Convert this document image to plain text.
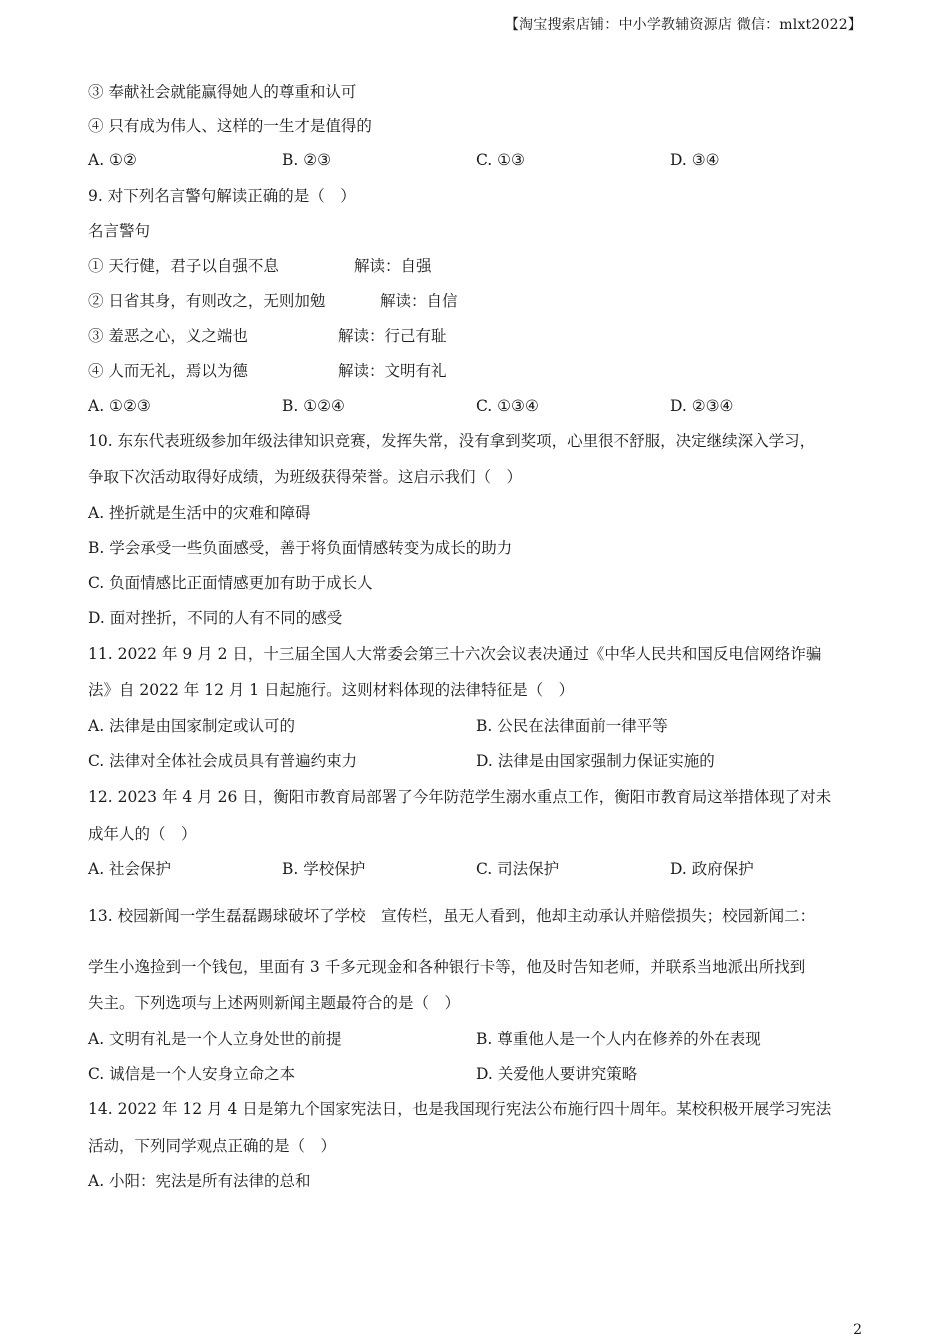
【淘宝搜索店铺：中小学教辅资源店 微信：mlxt2022】
③ 奉献社会就能赢得她人的尊重和认可
④ 只有成为伟人、这样的一生才是值得的
A. ①②	B. ②③	C. ①③	D. ③④
9. 对下列名言警句解读正确的是（　）
名言警句
① 天行健，君子以自强不息	解读：自强
② 日省其身，有则改之，无则加勉	解读：自信
③ 羞恶之心，义之端也	解读：行己有耻
④ 人而无礼，焉以为德	解读：文明有礼
A. ①②③	B. ①②④	C. ①③④	D. ②③④
10. 东东代表班级参加年级法律知识竞赛，发挥失常，没有拿到奖项，心里很不舒服，决定继续深入学习，
争取下次活动取得好成绩，为班级获得荣誉。这启示我们（　）
A. 挫折就是生活中的灾难和障碍
B. 学会承受一些负面感受，善于将负面情感转变为成长的助力
C. 负面情感比正面情感更加有助于成长人
D. 面对挫折，不同的人有不同的感受
11. 2022 年 9 月 2 日，十三届全国人大常委会第三十六次会议表决通过《中华人民共和国反电信网络诈骗
法》自 2022 年 12 月 1 日起施行。这则材料体现的法律特征是（　）
A. 法律是由国家制定或认可的	B. 公民在法律面前一律平等
C. 法律对全体社会成员具有普遍约束力	D. 法律是由国家强制力保证实施的
12. 2023 年 4 月 26 日，衡阳市教育局部署了今年防范学生溺水重点工作，衡阳市教育局这举措体现了对未
成年人的（　）
A. 社会保护	B. 学校保护	C. 司法保护	D. 政府保护
13. 校园新闻一学生磊磊踢球破坏了学校　宣传栏，虽无人看到，他却主动承认并赔偿损失；校园新闻二：
学生小逸捡到一个钱包，里面有 3 千多元现金和各种银行卡等，他及时告知老师，并联系当地派出所找到
失主。下列选项与上述两则新闻主题最符合的是（　）
A. 文明有礼是一个人立身处世的前提	B. 尊重他人是一个人内在修养的外在表现
C. 诚信是一个人安身立命之本	D. 关爱他人要讲究策略
14. 2022 年 12 月 4 日是第九个国家宪法日，也是我国现行宪法公布施行四十周年。某校积极开展学习宪法
活动，下列同学观点正确的是（　）
A. 小阳：宪法是所有法律的总和
2
